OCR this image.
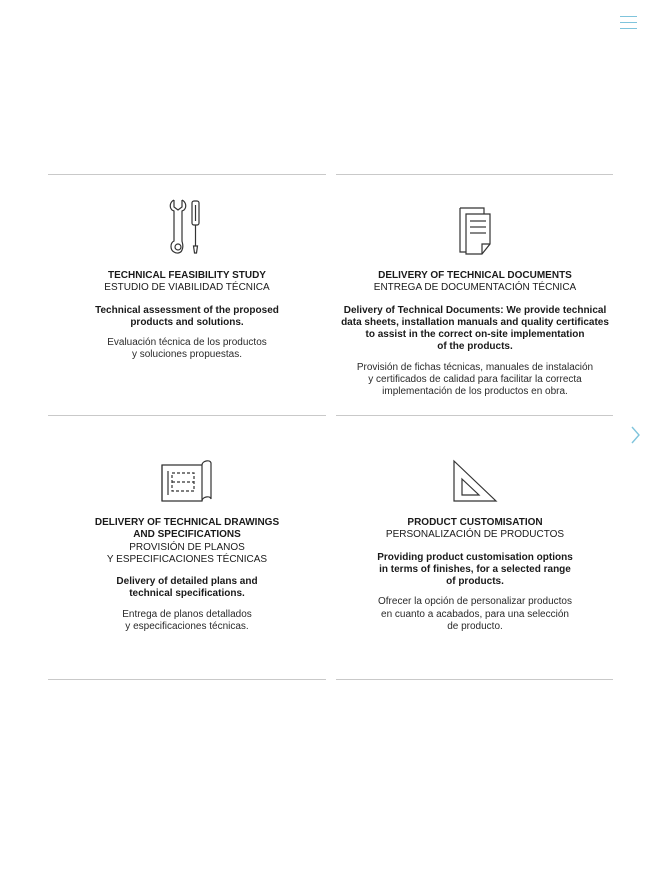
TECHNICAL FEASIBILITY STUDY
ESTUDIO DE VIABILIDAD TÉCNICA
Technical assessment of the proposed
products and solutions.
Evaluación técnica de los productos
y soluciones propuestas.
DELIVERY OF TECHNICAL DOCUMENTS
ENTREGA DE DOCUMENTACIÓN TÉCNICA
Delivery of Technical Documents: We provide technical
data sheets, installation manuals and quality certificates
to assist in the correct on-site implementation
of the products.
Provisión de fichas técnicas, manuales de instalación
y certificados de calidad para facilitar la correcta
implementación de los productos en obra.
DELIVERY OF TECHNICAL DRAWINGS
AND SPECIFICATIONS
PROVISIÓN DE PLANOS
Y ESPECIFICACIONES TÉCNICAS
Delivery of detailed plans and
technical specifications.
Entrega de planos detallados
y especificaciones técnicas.
PRODUCT CUSTOMISATION
PERSONALIZACIÓN DE PRODUCTOS
Providing product customisation options
in terms of finishes, for a selected range
of products.
Ofrecer la opción de personalizar productos
en cuanto a acabados, para una selección
de producto.
